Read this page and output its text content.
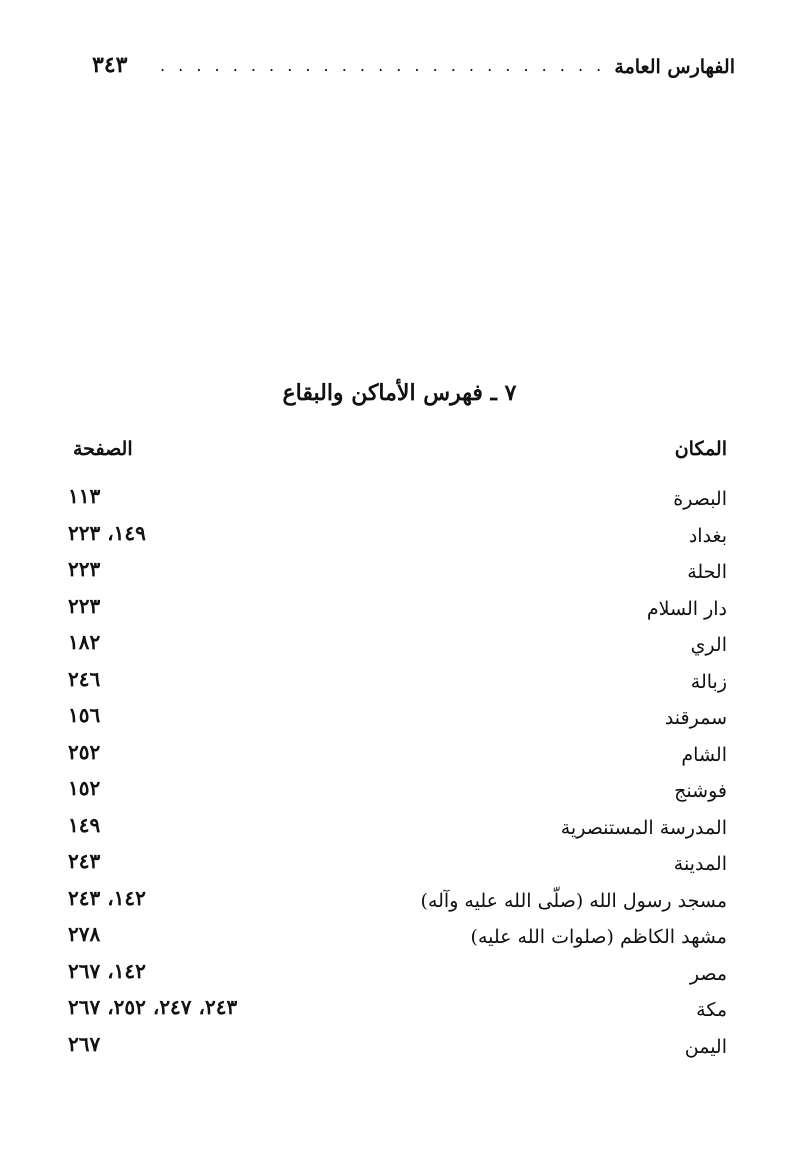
٣٤٣ . . . . . . . . . . . . . . . . . . . . . . . . . .
الفهارس العامة
٧ ـ فهرس الأماكن والبقاع
المكان
الصفحة
البصرة
١١٣
بغداد
١٤٩، ٢٢٣
الحلة
٢٢٣
دار السلام
٢٢٣
الري
١٨٢
زبالة
٢٤٦
سمرقند
١٥٦
الشام
٢٥٢
فوشنج
١٥٢
المدرسة المستنصرية
١٤٩
المدينة
٢٤٣
مسجد رسول الله (صلّى الله عليه وآله)
١٤٢، ٢٤٣
مشهد الكاظم (صلوات الله عليه)
٢٧٨
مصر
١٤٢، ٢٦٧
مكة
٢٤٣، ٢٤٧، ٢٥٢، ٢٦٧
اليمن
٢٦٧
